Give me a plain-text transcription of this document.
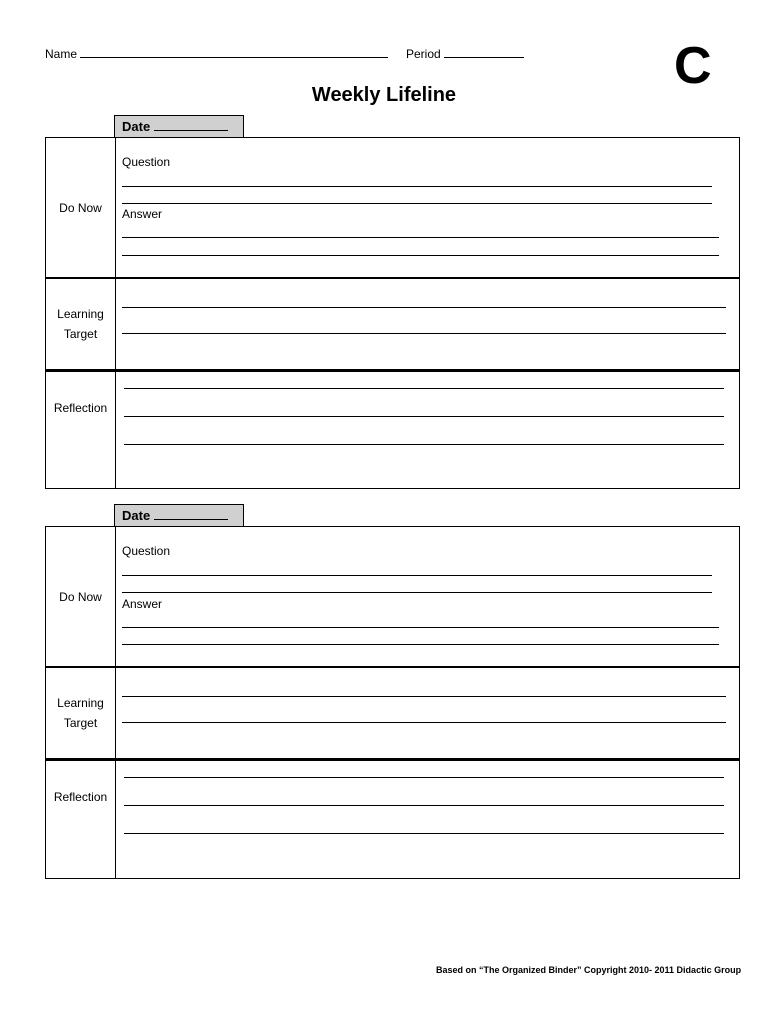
Name	Period	C
Weekly Lifeline
Date
Do Now
Question
Answer
Learning
Target
Reflection
Date
Do Now
Question
Answer
Learning
Target
Reflection
Based on “The Organized Binder” Copyright 2010- 2011 Didactic Group
